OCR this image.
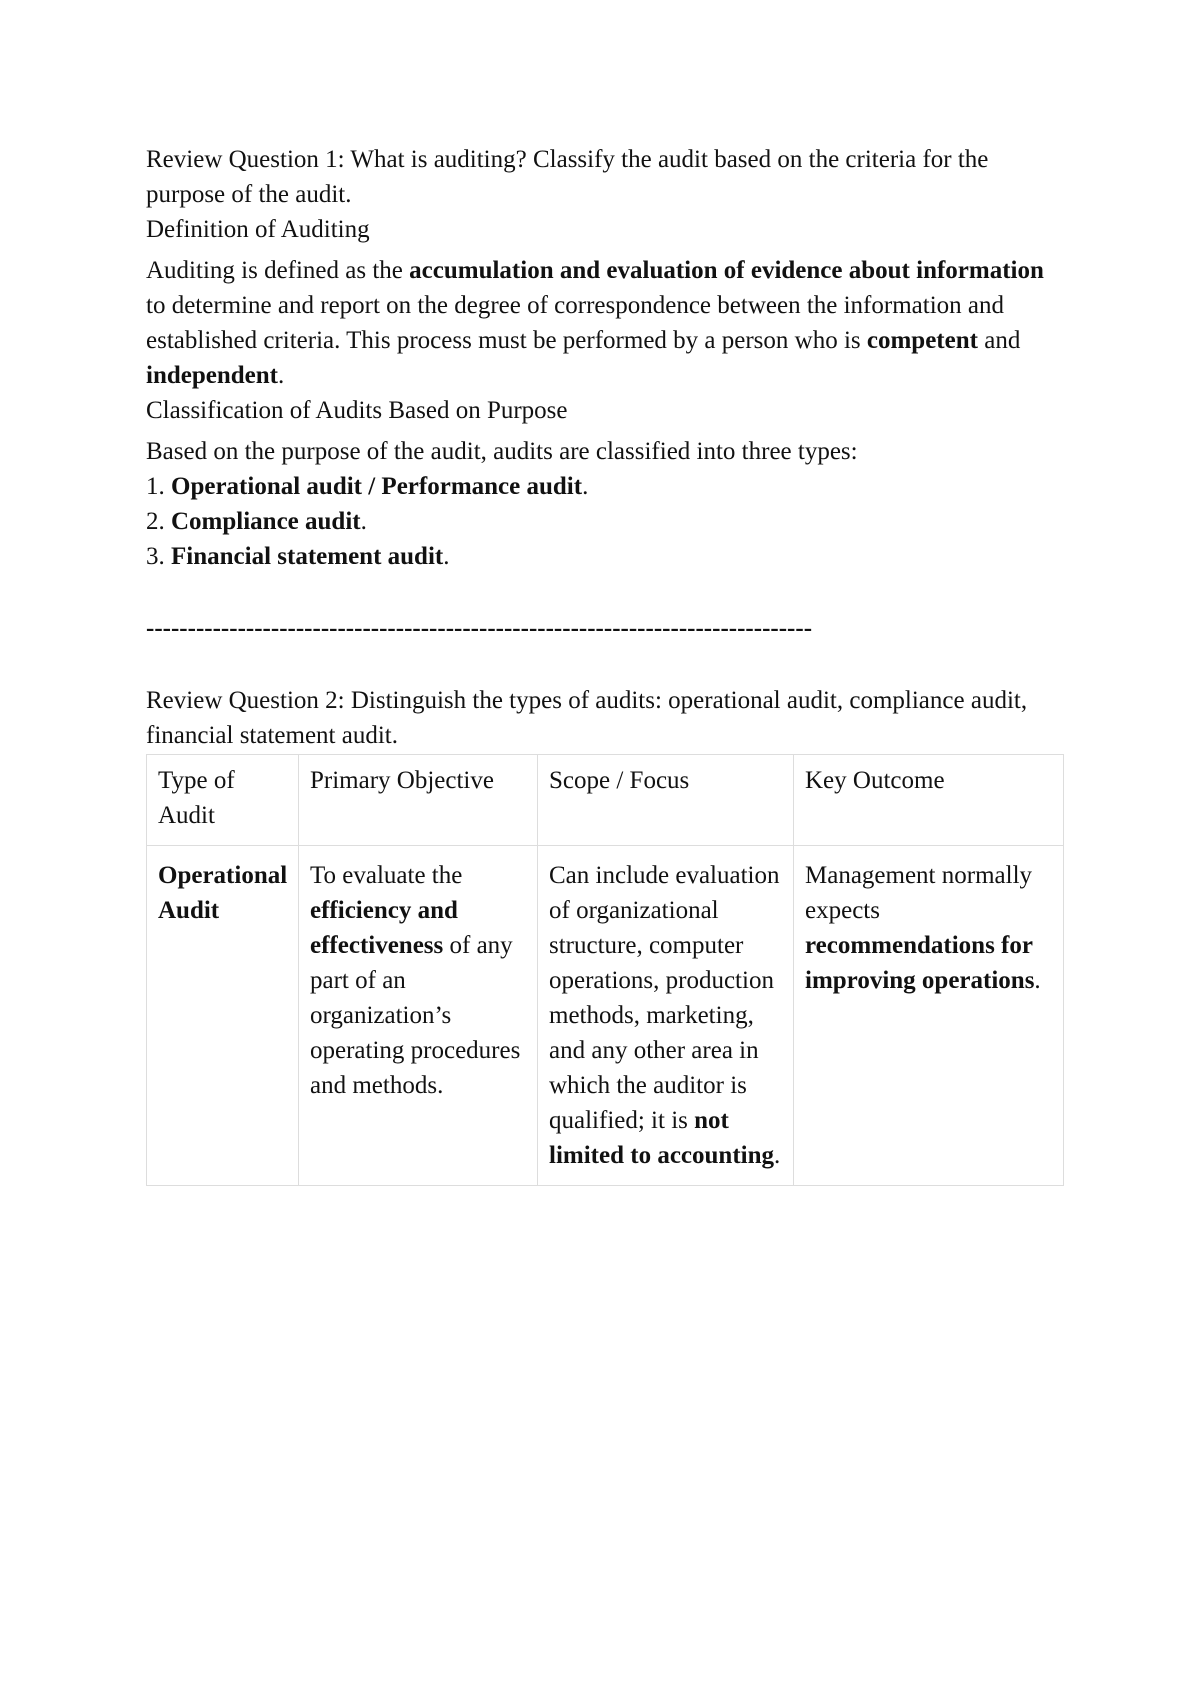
Review Question 1: What is auditing? Classify the audit based on the criteria for the purpose of the audit.

Definition of Auditing

Auditing is defined as the accumulation and evaluation of evidence about information to determine and report on the degree of correspondence between the information and established criteria. This process must be performed by a person who is competent and independent.

Classification of Audits Based on Purpose

Based on the purpose of the audit, audits are classified into three types:

1. Operational audit / Performance audit.

2. Compliance audit.

3. Financial statement audit.

--------------------------------------------------------------------------------

Review Question 2: Distinguish the types of audits: operational audit, compliance audit, financial statement audit.

Type of Audit	Primary Objective	Scope / Focus	Key Outcome
Operational Audit	To evaluate the efficiency and effectiveness of any part of an organization’s operating procedures and methods.	Can include evaluation of organizational structure, computer operations, production methods, marketing, and any other area in which the auditor is qualified; it is not limited to accounting.	Management normally expects recommendations for improving operations.
